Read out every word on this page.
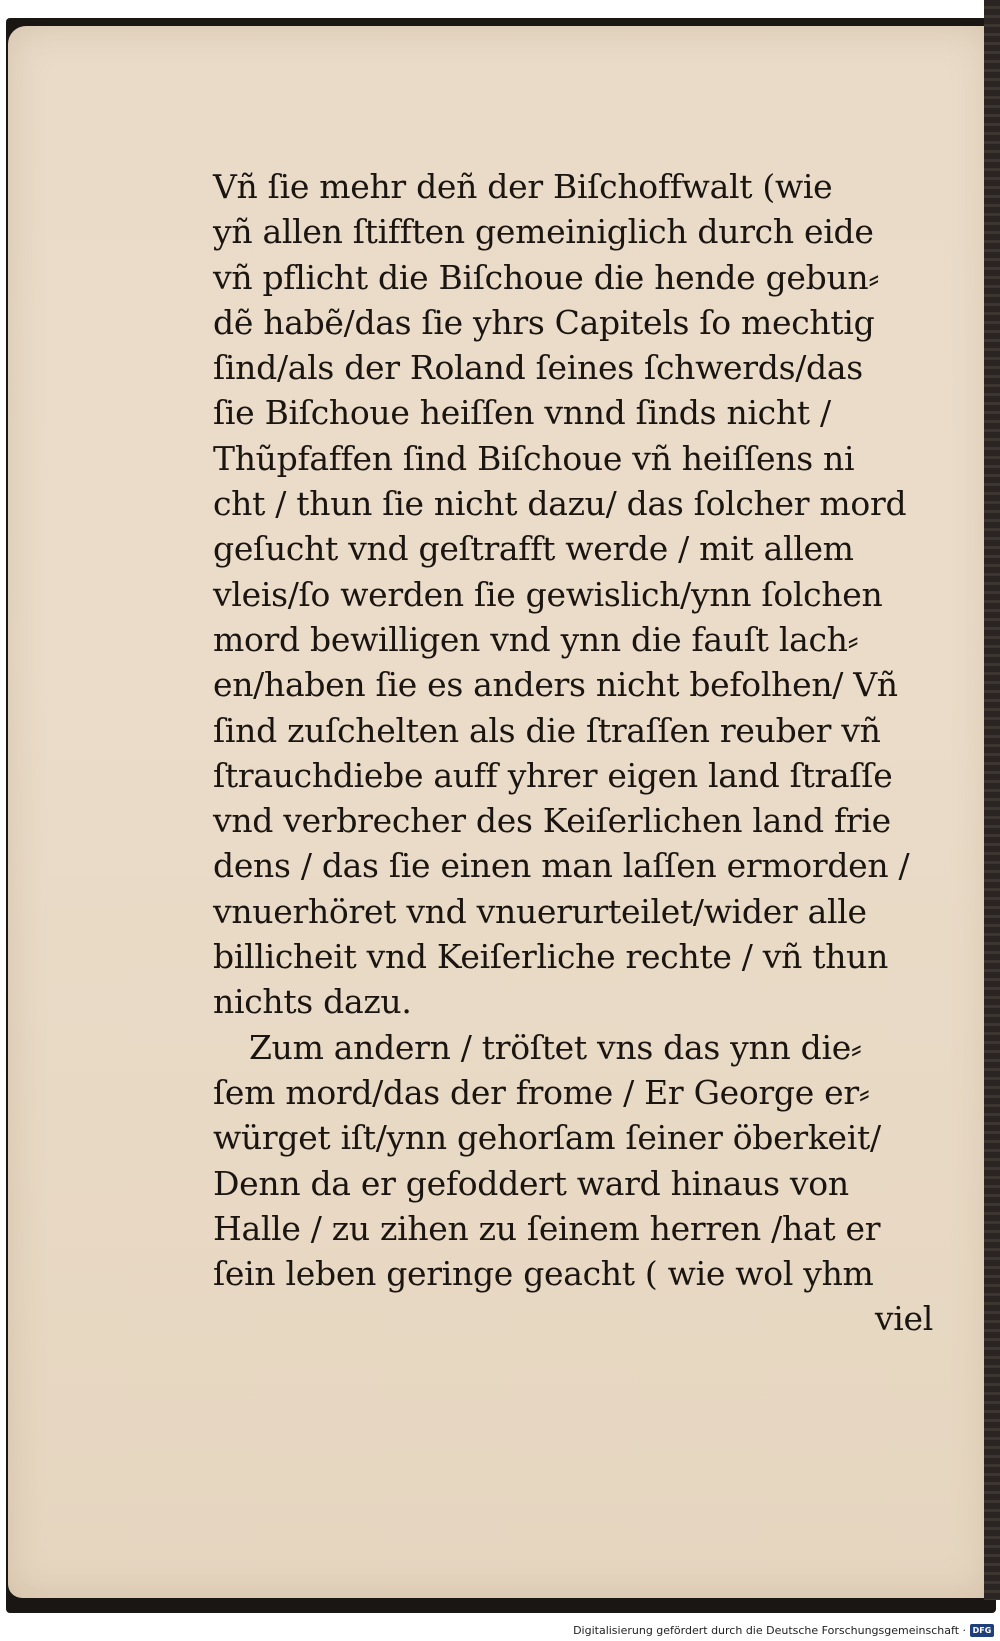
Vñ ſie mehr deñ der Biſchoffwalt (wie
yñ allen ſtifften gemeiniglich durch eide
vñ pflicht die Biſchoue die hende gebun⸗
dẽ habẽ/das ſie yhrs Capitels ſo mechtig
ſind/als der Roland ſeines ſchwerds/das
ſie Biſchoue heiſſen vnnd ſinds nicht /
Thũpfaffen ſind Biſchoue vñ heiſſens ni
cht / thun ſie nicht dazu/ das ſolcher mord
geſucht vnd geſtrafft werde / mit allem
vleis/ſo werden ſie gewislich/ynn ſolchen
mord bewilligen vnd ynn die fauſt lach⸗
en/haben ſie es anders nicht befolhen/ Vñ
ſind zuſchelten als die ſtraſſen reuber vñ
ſtrauchdiebe auff yhrer eigen land ſtraſſe
vnd verbrecher des Keiſerlichen land frie
dens / das ſie einen man laſſen ermorden /
vnuerhöret vnd vnuerurteilet/wider alle
billicheit vnd Keiſerliche rechte / vñ thun
nichts dazu.
Zum andern / tröſtet vns das ynn die⸗
ſem mord/das der frome / Er George er⸗
würget iſt/ynn gehorſam ſeiner öberkeit/
Denn da er gefoddert ward hinaus von
Halle / zu zihen zu ſeinem herren /hat er
ſein leben geringe geacht ( wie wol yhm
viel
Digitalisierung gefördert durch die Deutsche Forschungsgemeinschaft · DFG
